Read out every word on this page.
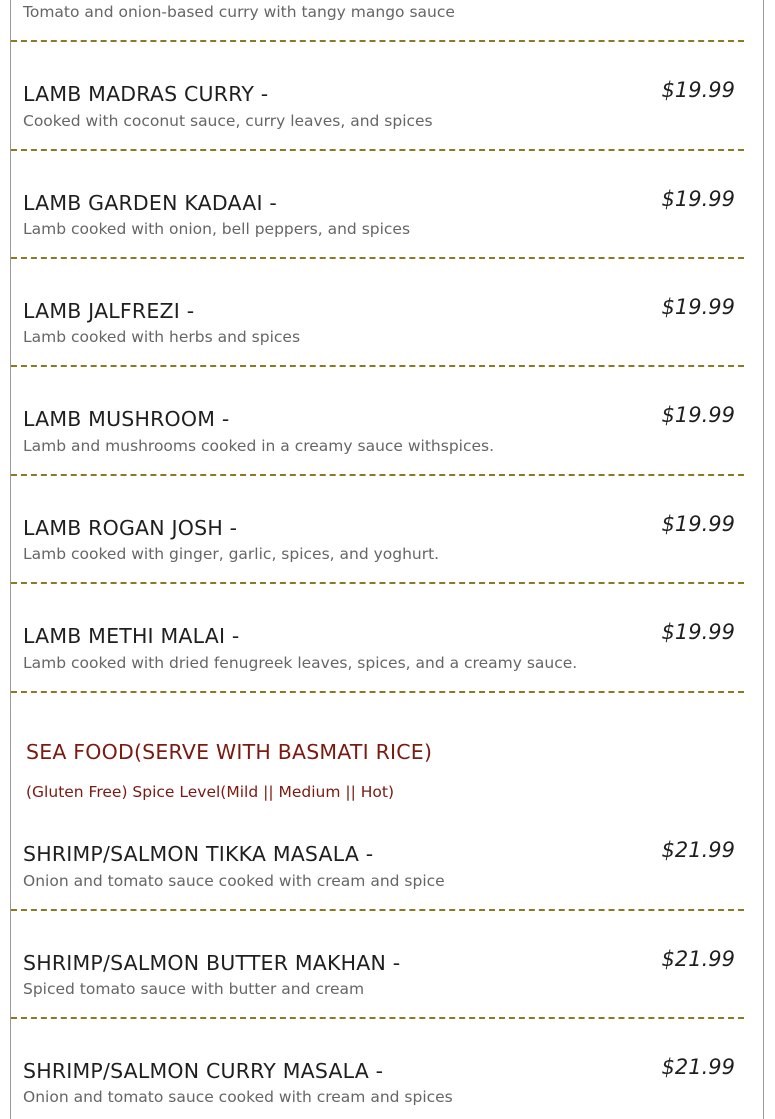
Tomato and onion-based curry with tangy mango sauce
LAMB MADRAS CURRY -	$19.99
Cooked with coconut sauce, curry leaves, and spices
LAMB GARDEN KADAAI -	$19.99
Lamb cooked with onion, bell peppers, and spices
LAMB JALFREZI -	$19.99
Lamb cooked with herbs and spices
LAMB MUSHROOM -	$19.99
Lamb and mushrooms cooked in a creamy sauce withspices.
LAMB ROGAN JOSH -	$19.99
Lamb cooked with ginger, garlic, spices, and yoghurt.
LAMB METHI MALAI -	$19.99
Lamb cooked with dried fenugreek leaves, spices, and a creamy sauce.
SEA FOOD(SERVE WITH BASMATI RICE)
(Gluten Free) Spice Level(Mild || Medium || Hot)
SHRIMP/SALMON TIKKA MASALA -	$21.99
Onion and tomato sauce cooked with cream and spice
SHRIMP/SALMON BUTTER MAKHAN -	$21.99
Spiced tomato sauce with butter and cream
SHRIMP/SALMON CURRY MASALA -	$21.99
Onion and tomato sauce cooked with cream and spices
